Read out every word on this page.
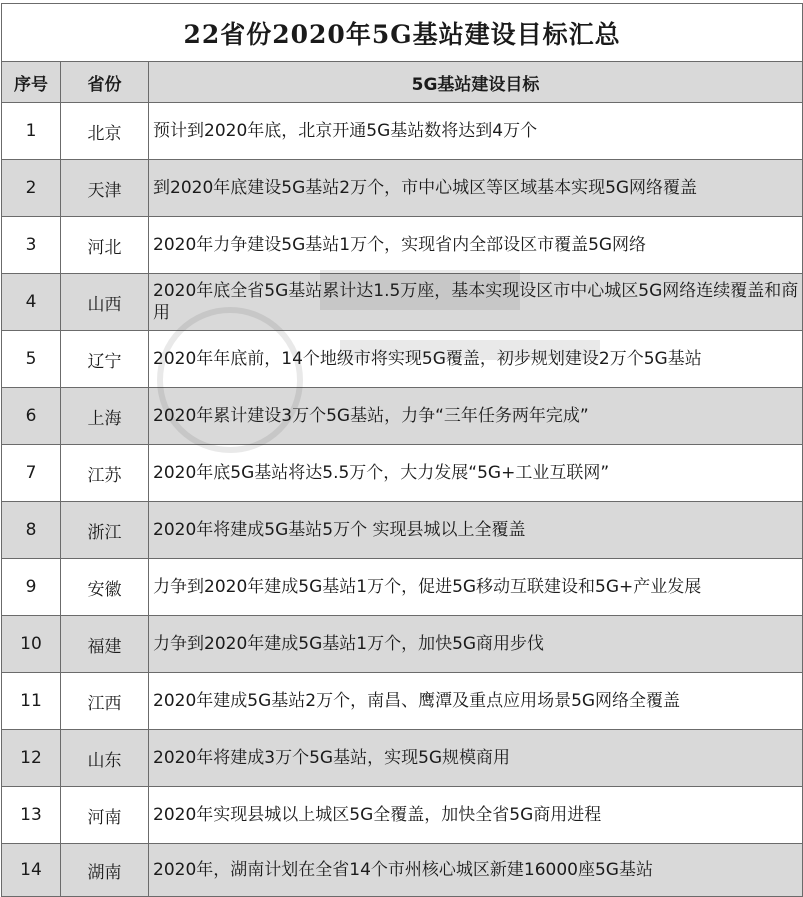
22省份2020年5G基站建设目标汇总		
序号	省份	5G基站建设目标
1	北京	预计到2020年底，北京开通5G基站数将达到4万个
2	天津	到2020年底建设5G基站2万个，市中心城区等区域基本实现5G网络覆盖
3	河北	2020年力争建设5G基站1万个，实现省内全部设区市覆盖5G网络
4	山西	2020年底全省5G基站累计达1.5万座，基本实现设区市中心城区5G网络连续覆盖和商用
5	辽宁	2020年年底前，14个地级市将实现5G覆盖，初步规划建设2万个5G基站
6	上海	2020年累计建设3万个5G基站，力争“三年任务两年完成”
7	江苏	2020年底5G基站将达5.5万个，大力发展“5G+工业互联网”
8	浙江	2020年将建成5G基站5万个 实现县城以上全覆盖
9	安徽	力争到2020年建成5G基站1万个，促进5G移动互联建设和5G+产业发展
10	福建	力争到2020年建成5G基站1万个，加快5G商用步伐
11	江西	2020年建成5G基站2万个，南昌、鹰潭及重点应用场景5G网络全覆盖
12	山东	2020年将建成3万个5G基站，实现5G规模商用
13	河南	2020年实现县城以上城区5G全覆盖，加快全省5G商用进程
14	湖南	2020年，湖南计划在全省14个市州核心城区新建16000座5G基站
